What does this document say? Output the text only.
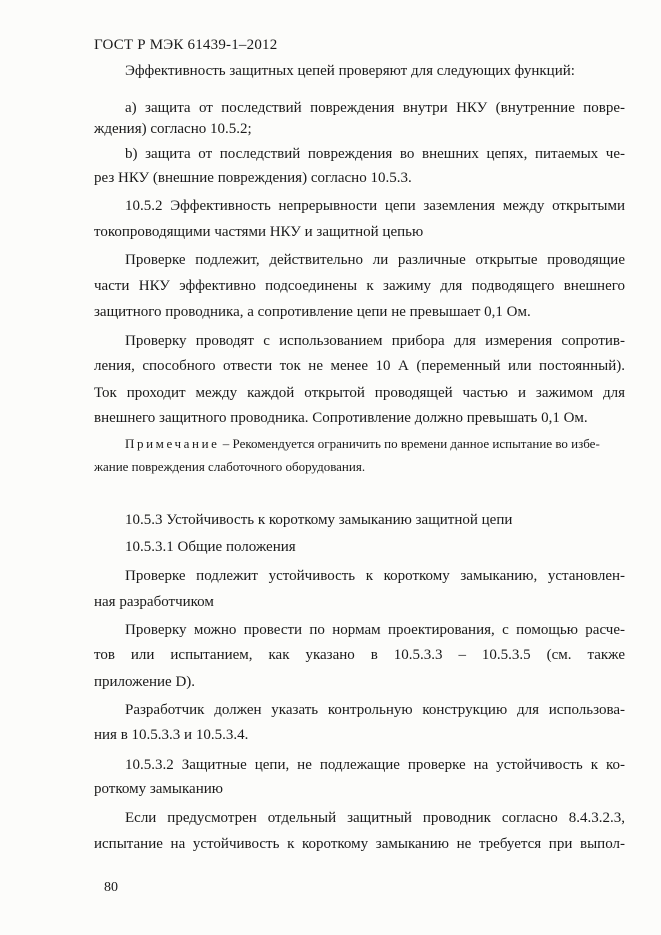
ГОСТ Р МЭК 61439-1–2012
Эффективность защитных цепей проверяют для следующих функций:
а) защита от последствий повреждения внутри НКУ (внутренние повре-
ждения) согласно 10.5.2;
b) защита от последствий повреждения во внешних цепях, питаемых че-
рез НКУ (внешние повреждения) согласно 10.5.3.
10.5.2 Эффективность непрерывности цепи заземления между открытыми
токопроводящими частями НКУ и защитной цепью
Проверке подлежит, действительно ли различные открытые проводящие
части НКУ эффективно подсоединены к зажиму для подводящего внешнего
защитного проводника, а сопротивление цепи не превышает 0,1 Ом.
Проверку проводят с использованием прибора для измерения сопротив-
ления, способного отвести ток не менее 10 А (переменный или постоянный).
Ток проходит между каждой открытой проводящей частью и зажимом для
внешнего защитного проводника. Сопротивление должно превышать 0,1 Ом.
Примечание – Рекомендуется ограничить по времени данное испытание во избе-
жание повреждения слаботочного оборудования.
10.5.3 Устойчивость к короткому замыканию защитной цепи
10.5.3.1 Общие положения
Проверке подлежит устойчивость к короткому замыканию, установлен-
ная разработчиком
Проверку можно провести по нормам проектирования, с помощью расче-
тов или испытанием, как указано в 10.5.3.3 – 10.5.3.5 (см. также
приложение D).
Разработчик должен указать контрольную конструкцию для использова-
ния в 10.5.3.3 и 10.5.3.4.
10.5.3.2 Защитные цепи, не подлежащие проверке на устойчивость к ко-
роткому замыканию
Если предусмотрен отдельный защитный проводник согласно 8.4.3.2.3,
испытание на устойчивость к короткому замыканию не требуется при выпол-
80
